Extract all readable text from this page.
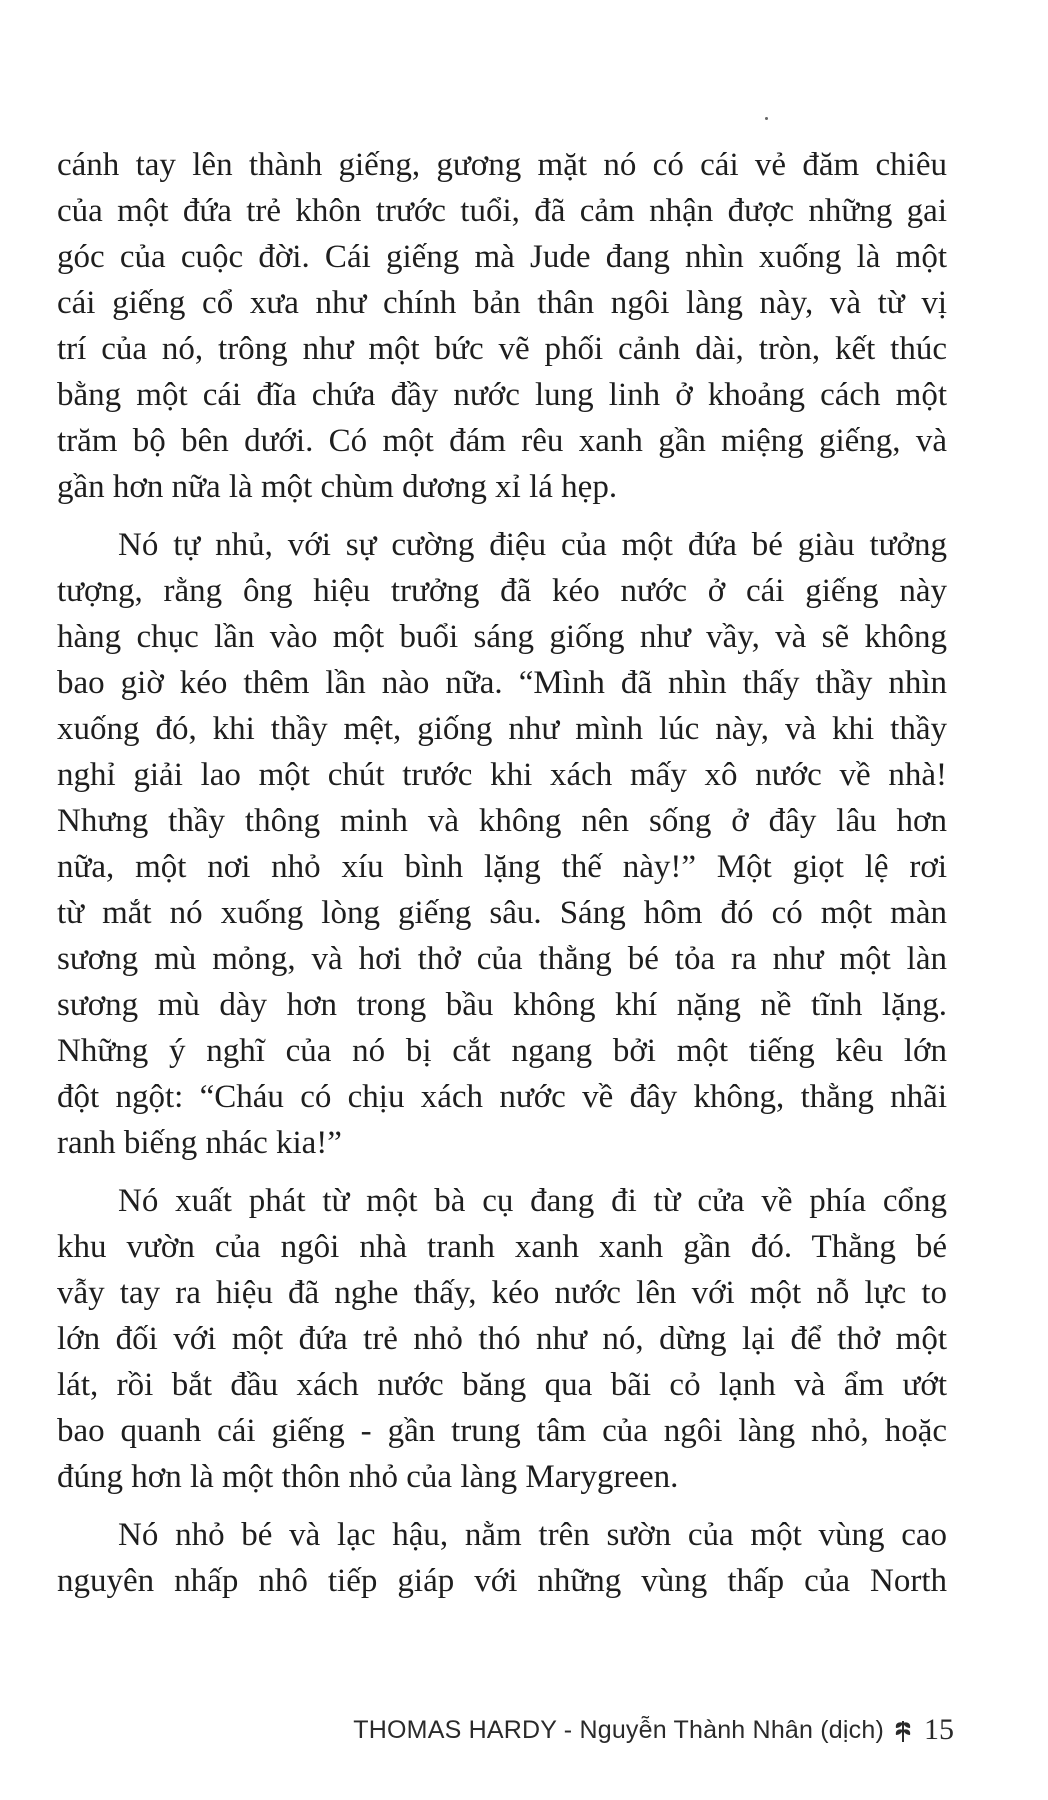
cánh tay lên thành giếng, gương mặt nó có cái vẻ đăm chiêu
của một đứa trẻ khôn trước tuổi, đã cảm nhận được những gai
góc của cuộc đời. Cái giếng mà Jude đang nhìn xuống là một
cái giếng cổ xưa như chính bản thân ngôi làng này, và từ vị
trí của nó, trông như một bức vẽ phối cảnh dài, tròn, kết thúc
bằng một cái đĩa chứa đầy nước lung linh ở khoảng cách một
trăm bộ bên dưới. Có một đám rêu xanh gần miệng giếng, và
gần hơn nữa là một chùm dương xỉ lá hẹp.
Nó tự nhủ, với sự cường điệu của một đứa bé giàu tưởng
tượng, rằng ông hiệu trưởng đã kéo nước ở cái giếng này
hàng chục lần vào một buổi sáng giống như vầy, và sẽ không
bao giờ kéo thêm lần nào nữa. “Mình đã nhìn thấy thầy nhìn
xuống đó, khi thầy mệt, giống như mình lúc này, và khi thầy
nghỉ giải lao một chút trước khi xách mấy xô nước về nhà!
Nhưng thầy thông minh và không nên sống ở đây lâu hơn
nữa, một nơi nhỏ xíu bình lặng thế này!” Một giọt lệ rơi
từ mắt nó xuống lòng giếng sâu. Sáng hôm đó có một màn
sương mù mỏng, và hơi thở của thằng bé tỏa ra như một làn
sương mù dày hơn trong bầu không khí nặng nề tĩnh lặng.
Những ý nghĩ của nó bị cắt ngang bởi một tiếng kêu lớn
đột ngột: “Cháu có chịu xách nước về đây không, thằng nhãi
ranh biếng nhác kia!”
Nó xuất phát từ một bà cụ đang đi từ cửa về phía cổng
khu vườn của ngôi nhà tranh xanh xanh gần đó. Thằng bé
vẫy tay ra hiệu đã nghe thấy, kéo nước lên với một nỗ lực to
lớn đối với một đứa trẻ nhỏ thó như nó, dừng lại để thở một
lát, rồi bắt đầu xách nước băng qua bãi cỏ lạnh và ẩm ướt
bao quanh cái giếng - gần trung tâm của ngôi làng nhỏ, hoặc
đúng hơn là một thôn nhỏ của làng Marygreen.
Nó nhỏ bé và lạc hậu, nằm trên sườn của một vùng cao
nguyên nhấp nhô tiếp giáp với những vùng thấp của North
THOMAS HARDY - Nguyễn Thành Nhân (dịch) 15
